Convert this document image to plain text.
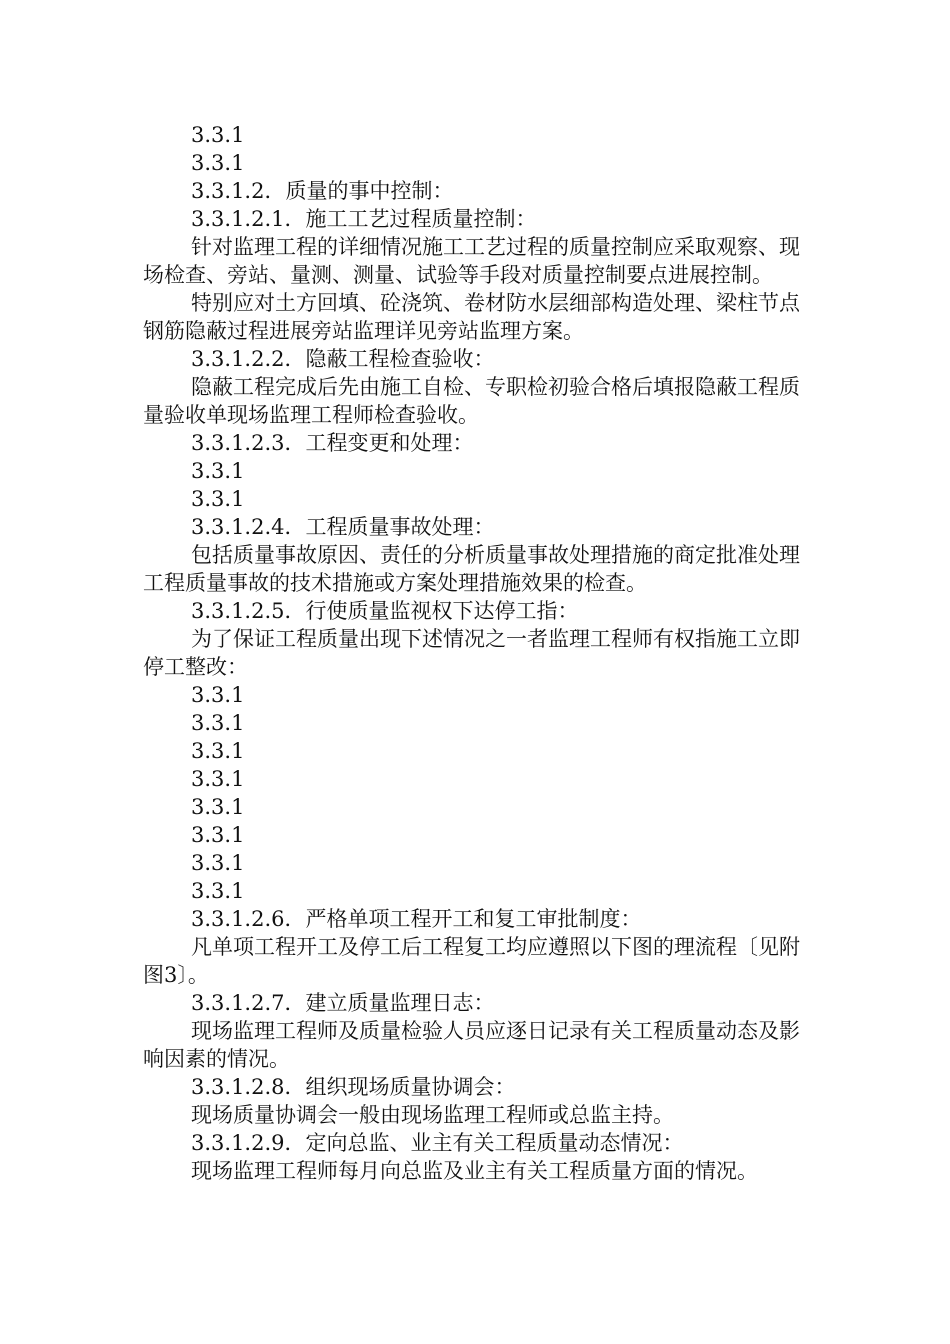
3.3.1

3.3.1

3.3.1.2．质量的事中控制：

3.3.1.2.1．施工工艺过程质量控制：

针对监理工程的详细情况施工工艺过程的质量控制应采取观察、现场检查、旁站、量测、测量、试验等手段对质量控制要点进展控制。

特别应对土方回填、砼浇筑、卷材防水层细部构造处理、梁柱节点钢筋隐蔽过程进展旁站监理详见旁站监理方案。

3.3.1.2.2．隐蔽工程检查验收：

隐蔽工程完成后先由施工自检、专职检初验合格后填报隐蔽工程质量验收单现场监理工程师检查验收。

3.3.1.2.3．工程变更和处理：

3.3.1

3.3.1

3.3.1.2.4．工程质量事故处理：

包括质量事故原因、责任的分析质量事故处理措施的商定批准处理工程质量事故的技术措施或方案处理措施效果的检查。

3.3.1.2.5．行使质量监视权下达停工指：

为了保证工程质量出现下述情况之一者监理工程师有权指施工立即停工整改：

3.3.1

3.3.1

3.3.1

3.3.1

3.3.1

3.3.1

3.3.1

3.3.1

3.3.1.2.6．严格单项工程开工和复工审批制度：

凡单项工程开工及停工后工程复工均应遵照以下图的理流程〔见附图3〕。

3.3.1.2.7．建立质量监理日志：

现场监理工程师及质量检验人员应逐日记录有关工程质量动态及影响因素的情况。

3.3.1.2.8．组织现场质量协调会：

现场质量协调会一般由现场监理工程师或总监主持。

3.3.1.2.9．定向总监、业主有关工程质量动态情况：

现场监理工程师每月向总监及业主有关工程质量方面的情况。
